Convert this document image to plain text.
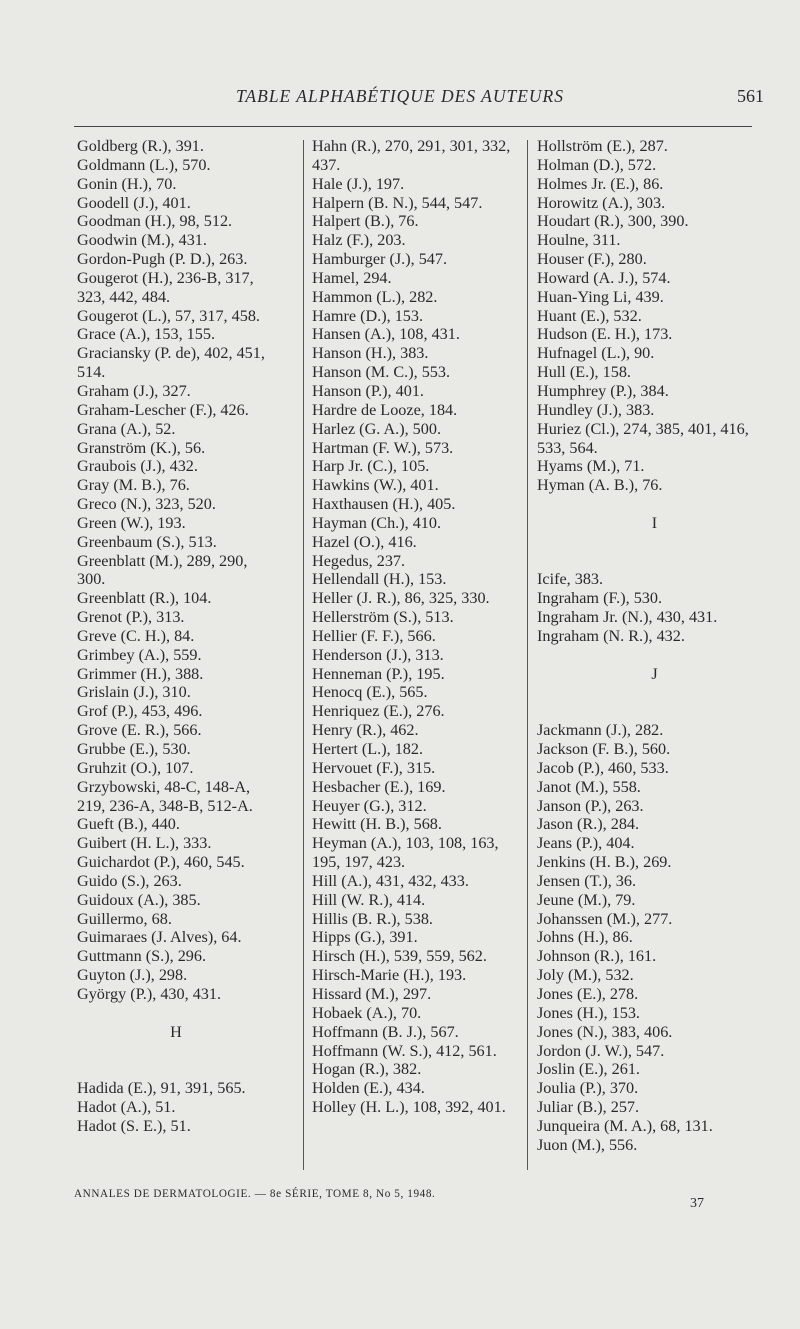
TABLE ALPHABÉTIQUE DES AUTEURS	561

Goldberg (R.), 391.

Goldmann (L.), 570.

Gonin (H.), 70.

Goodell (J.), 401.

Goodman (H.), 98, 512.

Goodwin (M.), 431.

Gordon-Pugh (P. D.), 263.

Gougerot (H.), 236-B, 317, 323, 442, 484.

Gougerot (L.), 57, 317, 458.

Grace (A.), 153, 155.

Graciansky (P. de), 402, 451, 514.

Graham (J.), 327.

Graham-Lescher (F.), 426.

Grana (A.), 52.

Granström (K.), 56.

Graubois (J.), 432.

Gray (M. B.), 76.

Greco (N.), 323, 520.

Green (W.), 193.

Greenbaum (S.), 513.

Greenblatt (M.), 289, 290, 300.

Greenblatt (R.), 104.

Grenot (P.), 313.

Greve (C. H.), 84.

Grimbey (A.), 559.

Grimmer (H.), 388.

Grislain (J.), 310.

Grof (P.), 453, 496.

Grove (E. R.), 566.

Grubbe (E.), 530.

Gruhzit (O.), 107.

Grzybowski, 48-C, 148-A, 219, 236-A, 348-B, 512-A.

Gueft (B.), 440.

Guibert (H. L.), 333.

Guichardot (P.), 460, 545.

Guido (S.), 263.

Guidoux (A.), 385.

Guillermo, 68.

Guimaraes (J. Alves), 64.

Guttmann (S.), 296.

Guyton (J.), 298.

György (P.), 430, 431.

H

Hadida (E.), 91, 391, 565.

Hadot (A.), 51.

Hadot (S. E.), 51.

Hahn (R.), 270, 291, 301, 332, 437.

Hale (J.), 197.

Halpern (B. N.), 544, 547.

Halpert (B.), 76.

Halz (F.), 203.

Hamburger (J.), 547.

Hamel, 294.

Hammon (L.), 282.

Hamre (D.), 153.

Hansen (A.), 108, 431.

Hanson (H.), 383.

Hanson (M. C.), 553.

Hanson (P.), 401.

Hardre de Looze, 184.

Harlez (G. A.), 500.

Hartman (F. W.), 573.

Harp Jr. (C.), 105.

Hawkins (W.), 401.

Haxthausen (H.), 405.

Hayman (Ch.), 410.

Hazel (O.), 416.

Hegedus, 237.

Hellendall (H.), 153.

Heller (J. R.), 86, 325, 330.

Hellerström (S.), 513.

Hellier (F. F.), 566.

Henderson (J.), 313.

Henneman (P.), 195.

Henocq (E.), 565.

Henriquez (E.), 276.

Henry (R.), 462.

Hertert (L.), 182.

Hervouet (F.), 315.

Hesbacher (E.), 169.

Heuyer (G.), 312.

Hewitt (H. B.), 568.

Heyman (A.), 103, 108, 163, 195, 197, 423.

Hill (A.), 431, 432, 433.

Hill (W. R.), 414.

Hillis (B. R.), 538.

Hipps (G.), 391.

Hirsch (H.), 539, 559, 562.

Hirsch-Marie (H.), 193.

Hissard (M.), 297.

Hobaek (A.), 70.

Hoffmann (B. J.), 567.

Hoffmann (W. S.), 412, 561.

Hogan (R.), 382.

Holden (E.), 434.

Holley (H. L.), 108, 392, 401.

Hollström (E.), 287.

Holman (D.), 572.

Holmes Jr. (E.), 86.

Horowitz (A.), 303.

Houdart (R.), 300, 390.

Houlne, 311.

Houser (F.), 280.

Howard (A. J.), 574.

Huan-Ying Li, 439.

Huant (E.), 532.

Hudson (E. H.), 173.

Hufnagel (L.), 90.

Hull (E.), 158.

Humphrey (P.), 384.

Hundley (J.), 383.

Huriez (Cl.), 274, 385, 401, 416, 533, 564.

Hyams (M.), 71.

Hyman (A. B.), 76.

I

Icife, 383.

Ingraham (F.), 530.

Ingraham Jr. (N.), 430, 431.

Ingraham (N. R.), 432.

J

Jackmann (J.), 282.

Jackson (F. B.), 560.

Jacob (P.), 460, 533.

Janot (M.), 558.

Janson (P.), 263.

Jason (R.), 284.

Jeans (P.), 404.

Jenkins (H. B.), 269.

Jensen (T.), 36.

Jeune (M.), 79.

Johanssen (M.), 277.

Johns (H.), 86.

Johnson (R.), 161.

Joly (M.), 532.

Jones (E.), 278.

Jones (H.), 153.

Jones (N.), 383, 406.

Jordon (J. W.), 547.

Joslin (E.), 261.

Joulia (P.), 370.

Juliar (B.), 257.

Junqueira (M. A.), 68, 131.

Juon (M.), 556.

ANNALES DE DERMATOLOGIE. — 8e SÉRIE, TOME 8, No 5, 1948.
37
